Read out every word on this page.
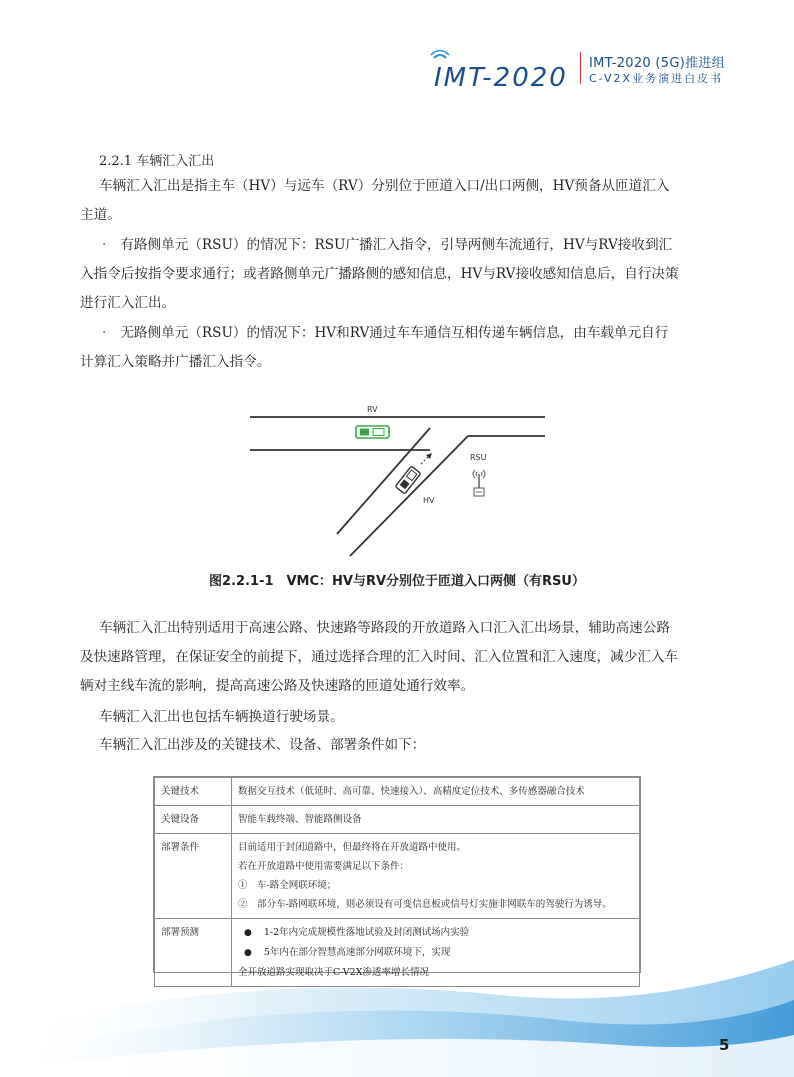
IMT-2020 IMT-2020 (5G)推进组
C-V2X业务演进白皮书
2.2.1 车辆汇入汇出
车辆汇入汇出是指主车（HV）与远车（RV）分别位于匝道入口/出口两侧，HV预备从匝道汇入
主道。
· 有路侧单元（RSU）的情况下：RSU广播汇入指令，引导两侧车流通行，HV与RV接收到汇
入指令后按指令要求通行；或者路侧单元广播路侧的感知信息，HV与RV接收感知信息后，自行决策
进行汇入汇出。
· 无路侧单元（RSU）的情况下：HV和RV通过车车通信互相传递车辆信息，由车载单元自行
计算汇入策略并广播汇入指令。
RV
RSU
HV
图2.2.1-1　VMC：HV与RV分别位于匝道入口两侧（有RSU）
车辆汇入汇出特别适用于高速公路、快速路等路段的开放道路入口汇入汇出场景，辅助高速公路
及快速路管理，在保证安全的前提下，通过选择合理的汇入时间、汇入位置和汇入速度，减少汇入车
辆对主线车流的影响，提高高速公路及快速路的匝道处通行效率。
车辆汇入汇出也包括车辆换道行驶场景。
车辆汇入汇出涉及的关键技术、设备、部署条件如下：
关键技术	数据交互技术（低延时、高可靠、快速接入）、高精度定位技术、多传感器融合技术

关键设备	智能车载终端、智能路侧设备

部署条件	目前适用于封闭道路中，但最终将在开放道路中使用。
若在开放道路中使用需要满足以下条件：
①　车-路全网联环境；
②　部分车-路网联环境，则必须设有可变信息板或信号灯实施非网联车的驾驶行为诱导。

部署预测	● 1-2年内完成规模性落地试验及封闭测试场内实验
● 5年内在部分智慧高速部分网联环境下，实现
全开放道路实现取决于C-V2X渗透率增长情况
5
